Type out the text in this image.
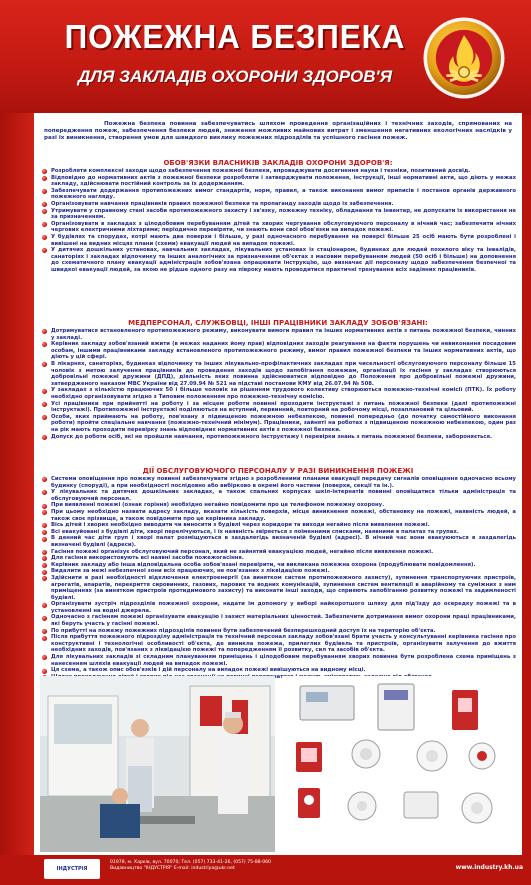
ПОЖЕЖНА БЕЗПЕКА
ДЛЯ ЗАКЛАДІВ ОХОРОНИ ЗДОРОВ'Я

Пожежна безпека повинна забезпечуватись шляхом проведення організаційних і технічних заходів, спрямованих на попередження пожеж, забезпечення безпеки людей, зниження можливих майнових витрат і зменшення негативних екологічних наслідків у разі їх виникнення, створення умов для швидкого виклику пожежних підрозділів та успішного гасіння пожеж.

ОБОВ'ЯЗКИ ВЛАСНИКІВ ЗАКЛАДІВ ОХОРОНИ ЗДОРОВ'Я:
Розробляти комплексні заходи щодо забезпечення пожежної безпеки, впроваджувати досягнення науки і техніки, позитивний досвід.
Відповідно до нормативних актів з пожежної безпеки розробляти і затверджувати положення, інструкції, інші нормативні акти, що діють у межах закладу, здійснювати постійний контроль за їх додержанням.
Забезпечувати додержання протипожежних вимог стандартів, норм, правил, а також виконання вимог приписів і постанов органів державного пожежного нагляду.
Організовувати навчання працівників правил пожежної безпеки та пропаганду заходів щодо їх забезпечення.
Утримувати у справному стані засоби протипожежного захисту і зв'язку, пожежну техніку, обладнання та інвентар, не допускати їх використання не за призначенням.
Організовувати в закладах з цілодобовим перебуванням дітей та хворих чергування обслуговуючого персоналу в нічний час; забезпечити нічних чергових електричними ліхтарями; періодично перевіряти, чи знають вони свої обов'язки на випадок пожежі.
У будівлях та спорудах, котрі мають два поверхи і більше, у разі одночасного перебування на поверсі більше 25 осіб мають бути розроблені і вивішені на видних місцях плани (схеми) евакуації людей на випадок пожежі.
У дитячих дошкільних установах, навчальних закладах, лікувальних установах із стаціонаром, будинках для людей похилого віку та інвалідів, санаторіях і закладах відпочинку та інших аналогічних за призначенням об'єктах з масовим перебуванням людей (50 осіб і більше) на доповнення до схематичного плану евакуації адміністрація зобов'язана опрацювати інструкцію, що визначає дії персоналу щодо забезпечення безпечної та швидкої евакуації людей, за якою не рідше одного разу на півроку мають проводитися практичні тренування всіх задіяних працівників.
МЕДПЕРСОНАЛ, СЛУЖБОВЦІ, ІНШІ ПРАЦІВНИКИ ЗАКЛАДУ ЗОБОВ'ЯЗАНІ:
Дотримуватися встановленого протипожежного режиму, виконувати вимоги правил та інших нормативних актів з питань пожежної безпеки, чинних у закладі.
Керівник закладу зобов'язаний вжити (в межах наданих йому прав) відповідних заходів реагування на факти порушень чи невиконання посадовим особам, іншими працівниками закладу встановленого протипожежного режиму, вимог правил пожежної безпеки та інших нормативних актів, що діють у цій сфері.
В лікарнях, санаторіях, будинках відпочинку та інших лікувально-профілактичних закладах при чисельності обслуговуючого персоналу більше 15 чоловік з метою залучення працівників до проведення заходів щодо запобігання пожежам, організації їх гасіння у закладах створюються добровільні пожежні дружини (ДПД), діяльність яких повинна здійснюватися відповідно до Положення про добровільні пожежні дружини, затвердженого наказом МВС України від 27.09.94 № 521 на підставі постанови КМУ від 26.07.94 № 508.
У закладах з кількістю працюючих 50 і більше чоловік за рішенням трудового колективу створюються пожежно-технічні комісії (ПТК). Їх роботу необхідно організовувати згідно з Типовим положенням про пожежно-технічну комісію.
Усі працівники при прийнятті на роботу і за місцем роботи повинні проходити інструктажі з питань пожежної безпеки (далі протипожежні інструктажі). Протипожежні інструктажі поділяються на вступний, первинний, повторний на робочому місці, позаплановий та цільовий.
Особи, яких приймають на роботу, пов'язану з підвищеною пожежною небезпекою, повинні попередньо (до початку самостійного виконання роботи) пройти спеціальне навчання (пожежно-технічний мінімум). Працівники, зайняті на роботах з підвищеною пожежною небезпекою, один раз на рік мають проходити перевірку знань відповідних нормативних актів з пожежної безпеки.
Допуск до роботи осіб, які не пройшли навчання, протипожежного інструктажу і перевірки знань з питань пожежної безпеки, забороняється.
ДІЇ ОБСЛУГОВУЮЧОГО ПЕРСОНАЛУ У РАЗІ ВИНИКНЕННЯ ПОЖЕЖІ
Системи оповіщення про пожежу повинні забезпечувати згідно з розробленими планами евакуації передачу сигналів оповіщення одночасно всьому будинку (споруді), а при необхідності послідовно або вибірково в окремі його частини (поверхи, секції та ін.).
У лікувальних та дитячих дошкільних закладах, а також спальних корпусах шкіл-інтернатів повинні оповіщатися тільки адміністрація та обслуговуючий персонал.
При виявленні пожежі (ознак горіння) необхідно негайно повідомити про це телефоном пожежну охорону.
При цьому необхідно назвати адресу закладу, вказати кількість поверхів, місце виникнення пожежі, обстановку на пожежі, наявність людей, а також своє прізвище, а також повідомити про це керівника закладу.
Вісь дітей і хворих необхідно виводити чи виносити з будівлі через коридори та виходи негайно після виявлення пожежі.
Всі евакуйовані з будівлі діти, хворі перелічуються, і їх наявність звіряється з поіменними списками, наявними в палатах та групах.
В денний час діти груп і хворі палат розміщуються в заздалегідь визначеній будівлі (адресі). В нічний час вони евакуюються в заздалегідь визначені будівлі (адреси).
Гасіння пожежі організує обслуговуючий персонал, який не зайнятий евакуацією людей, негайно після виявлення пожежі.
Для гасіння використовують всі наявні засоби пожежогасіння.
Керівник закладу або інша відповідальна особа зобов'язані перевірити, чи викликана пожежна охорона (продублювати повідомлення).
Видалити за межі небезпечної зони всіх працюючих, не пов'язаних з ліквідацією пожежі.
Здійснити в разі необхідності відключення електроенергії (за винятком систем протипожежного захисту), зупинення транспортуючих пристроїв, агрегатів, апаратів, перекриття сировинних, газових, парових та водних комунікацій, зупинення систем вентиляції в аварійному та суміжних з ним приміщеннях (за винятком пристроїв протидимового захисту) та виконати інші заходи, що сприяють запобіганню розвитку пожежі та задимленості будівлі.
Організувати зустріч підрозділів пожежної охорони, надати їм допомогу у виборі найкоротшого шляху для під'їзду до осередку пожежі та в установленні на водні джерела.
Одночасно з гасінням пожежі організувати евакуацію і захист матеріальних цінностей. Забезпечити дотримання вимог охорони праці працівниками, які беруть участь у гасінні пожежі.
По прибутті на пожежу пожежних підрозділів повинен бути забезпечений безперешкодний доступ їх на територію об'єкта.
Після прибуття пожежного підрозділу адміністрація та технічний персонал закладу зобов'язані брати участь у консультуванні керівника гасіння про конструктивні і технологічні особливості об'єкта, де виникла пожежа, прилеглих будівель та пристроїв, організувати залучення до вжиття необхідних заходів, пов'язаних з ліквідацією пожежі та попередженням її розвитку, сил та засобів об'єкта.
Для лікувальних закладів зі складним плануванням приміщень і цілодобовим перебуванням хворих повинна бути розроблена схема приміщень з нанесенням шляхів евакуації людей на випадок пожежі.
Ця схема, а також опис обов'язків і дій персоналу на випадок пожежі вивішуються на видному місці.
ІНДУСТРІЯ
01978, м. Харків, вул. 70070; Тел. (057) 733-41-26, (057) 75-88-060
Видавництво "ІНДУСТРІЯ" E-mail: industriya@ukr.net	www.industry.kh.ua
